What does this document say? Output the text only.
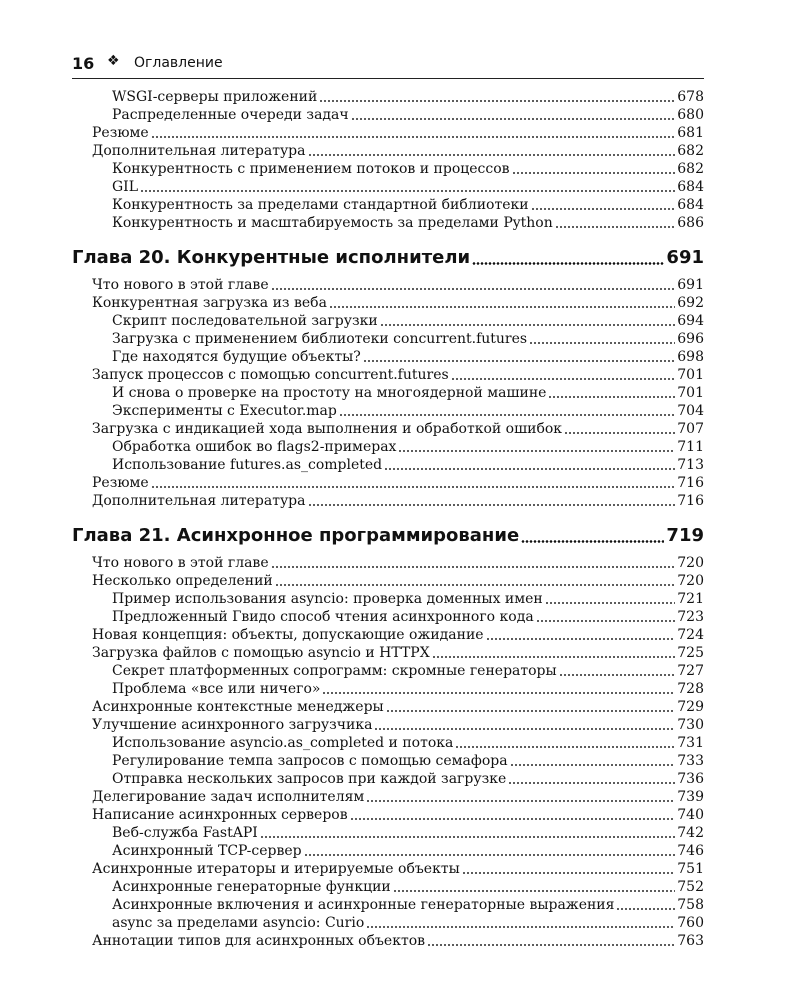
16 ❖ Оглавление
WSGI-серверы приложений	678
Распределенные очереди задач	680
Резюме	681
Дополнительная литература	682
Конкурентность с применением потоков и процессов	682
GIL	684
Конкурентность за пределами стандартной библиотеки	684
Конкурентность и масштабируемость за пределами Python	686
Глава 20. Конкурентные исполнители	691
Что нового в этой главе	691
Конкурентная загрузка из веба	692
Скрипт последовательной загрузки	694
Загрузка с применением библиотеки concurrent.futures	696
Где находятся будущие объекты?	698
Запуск процессов с помощью concurrent.futures	701
И снова о проверке на простоту на многоядерной машине	701
Эксперименты с Executor.map	704
Загрузка с индикацией хода выполнения и обработкой ошибок	707
Обработка ошибок во flags2-примерах	711
Использование futures.as_completed	713
Резюме	716
Дополнительная литература	716
Глава 21. Асинхронное программирование	719
Что нового в этой главе	720
Несколько определений	720
Пример использования asyncio: проверка доменных имен	721
Предложенный Гвидо способ чтения асинхронного кода	723
Новая концепция: объекты, допускающие ожидание	724
Загрузка файлов с помощью asyncio и HTTPX	725
Секрет платформенных сопрограмм: скромные генераторы	727
Проблема «все или ничего»	728
Асинхронные контекстные менеджеры	729
Улучшение асинхронного загрузчика	730
Использование asyncio.as_completed и потока	731
Регулирование темпа запросов с помощью семафора	733
Отправка нескольких запросов при каждой загрузке	736
Делегирование задач исполнителям	739
Написание асинхронных серверов	740
Веб-служба FastAPI	742
Асинхронный TCP-сервер	746
Асинхронные итераторы и итерируемые объекты	751
Асинхронные генераторные функции	752
Асинхронные включения и асинхронные генераторные выражения	758
async за пределами asyncio: Curio	760
Аннотации типов для асинхронных объектов	763
